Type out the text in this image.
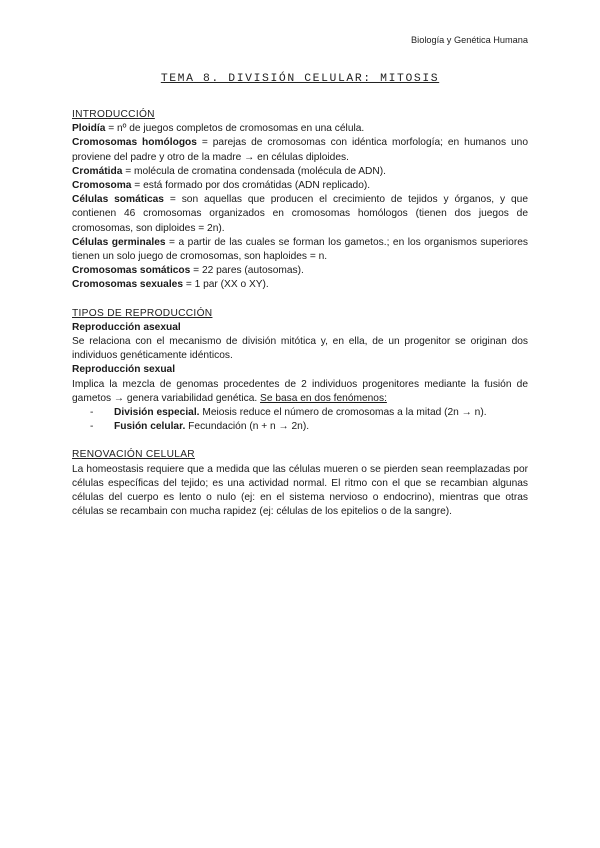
Biología y Genética Humana
TEMA 8. DIVISIÓN CELULAR: MITOSIS
INTRODUCCIÓN

Ploidía = nº de juegos completos de cromosomas en una célula.

Cromosomas homólogos = parejas de cromosomas con idéntica morfología; en humanos uno proviene del padre y otro de la madre → en células diploides.

Cromátida = molécula de cromatina condensada (molécula de ADN).

Cromosoma = está formado por dos cromátidas (ADN replicado).

Células somáticas = son aquellas que producen el crecimiento de tejidos y órganos, y que contienen 46 cromosomas organizados en cromosomas homólogos (tienen dos juegos de cromosomas, son diploides = 2n).

Células germinales = a partir de las cuales se forman los gametos.; en los organismos superiores tienen un solo juego de cromosomas, son haploides = n.

Cromosomas somáticos = 22 pares (autosomas).

Cromosomas sexuales = 1 par (XX o XY).

TIPOS DE REPRODUCCIÓN
Reproducción asexual

Se relaciona con el mecanismo de división mitótica y, en ella, de un progenitor se originan dos individuos genéticamente idénticos.

Reproducción sexual

Implica la mezcla de genomas procedentes de 2 individuos progenitores mediante la fusión de gametos → genera variabilidad genética. Se basa en dos fenómenos:

- División especial. Meiosis reduce el número de cromosomas a la mitad (2n → n).
- Fusión celular. Fecundación (n + n → 2n).
RENOVACIÓN CELULAR

La homeostasis requiere que a medida que las células mueren o se pierden sean reemplazadas por células específicas del tejido; es una actividad normal. El ritmo con el que se recambian algunas células del cuerpo es lento o nulo (ej: en el sistema nervioso o endocrino), mientras que otras células se recambain con mucha rapidez (ej: células de los epitelios o de la sangre).
